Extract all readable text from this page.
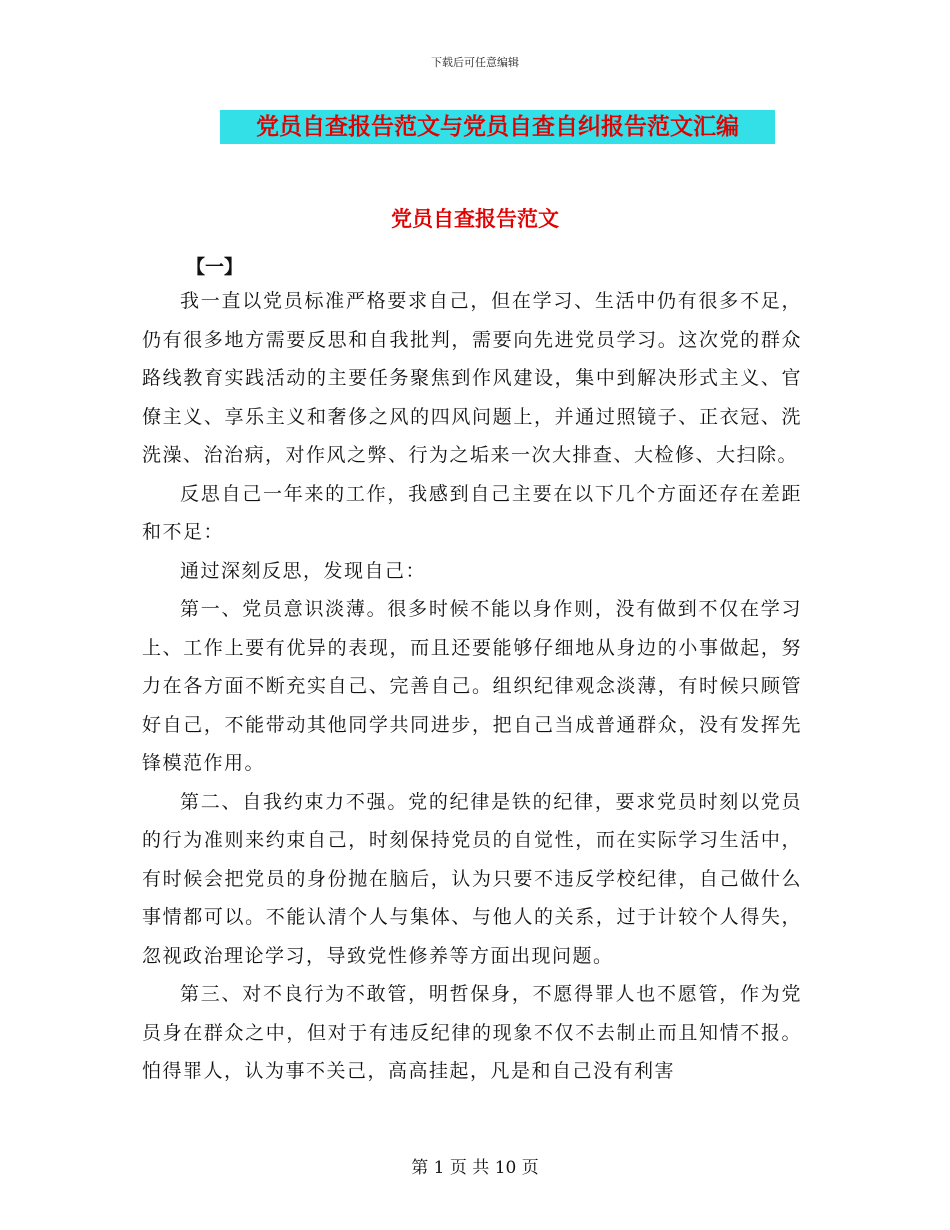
下载后可任意编辑
党员自查报告范文与党员自查自纠报告范文汇编
党员自查报告范文
【一】

我一直以党员标准严格要求自己，但在学习、生活中仍有很多不足，仍有很多地方需要反思和自我批判，需要向先进党员学习。这次党的群众路线教育实践活动的主要任务聚焦到作风建设，集中到解决形式主义、官僚主义、享乐主义和奢侈之风的四风问题上，并通过照镜子、正衣冠、洗洗澡、治治病，对作风之弊、行为之垢来一次大排查、大检修、大扫除。

反思自己一年来的工作，我感到自己主要在以下几个方面还存在差距和不足：

通过深刻反思，发现自己：

第一、党员意识淡薄。很多时候不能以身作则，没有做到不仅在学习上、工作上要有优异的表现，而且还要能够仔细地从身边的小事做起，努力在各方面不断充实自己、完善自己。组织纪律观念淡薄，有时候只顾管好自己，不能带动其他同学共同进步，把自己当成普通群众，没有发挥先锋模范作用。

第二、自我约束力不强。党的纪律是铁的纪律，要求党员时刻以党员的行为准则来约束自己，时刻保持党员的自觉性，而在实际学习生活中，有时候会把党员的身份抛在脑后，认为只要不违反学校纪律，自己做什么事情都可以。不能认清个人与集体、与他人的关系，过于计较个人得失，忽视政治理论学习，导致党性修养等方面出现问题。

第三、对不良行为不敢管，明哲保身，不愿得罪人也不愿管，作为党员身在群众之中，但对于有违反纪律的现象不仅不去制止而且知情不报。怕得罪人，认为事不关己，高高挂起，凡是和自己没有利害

第 1 页 共 10 页
